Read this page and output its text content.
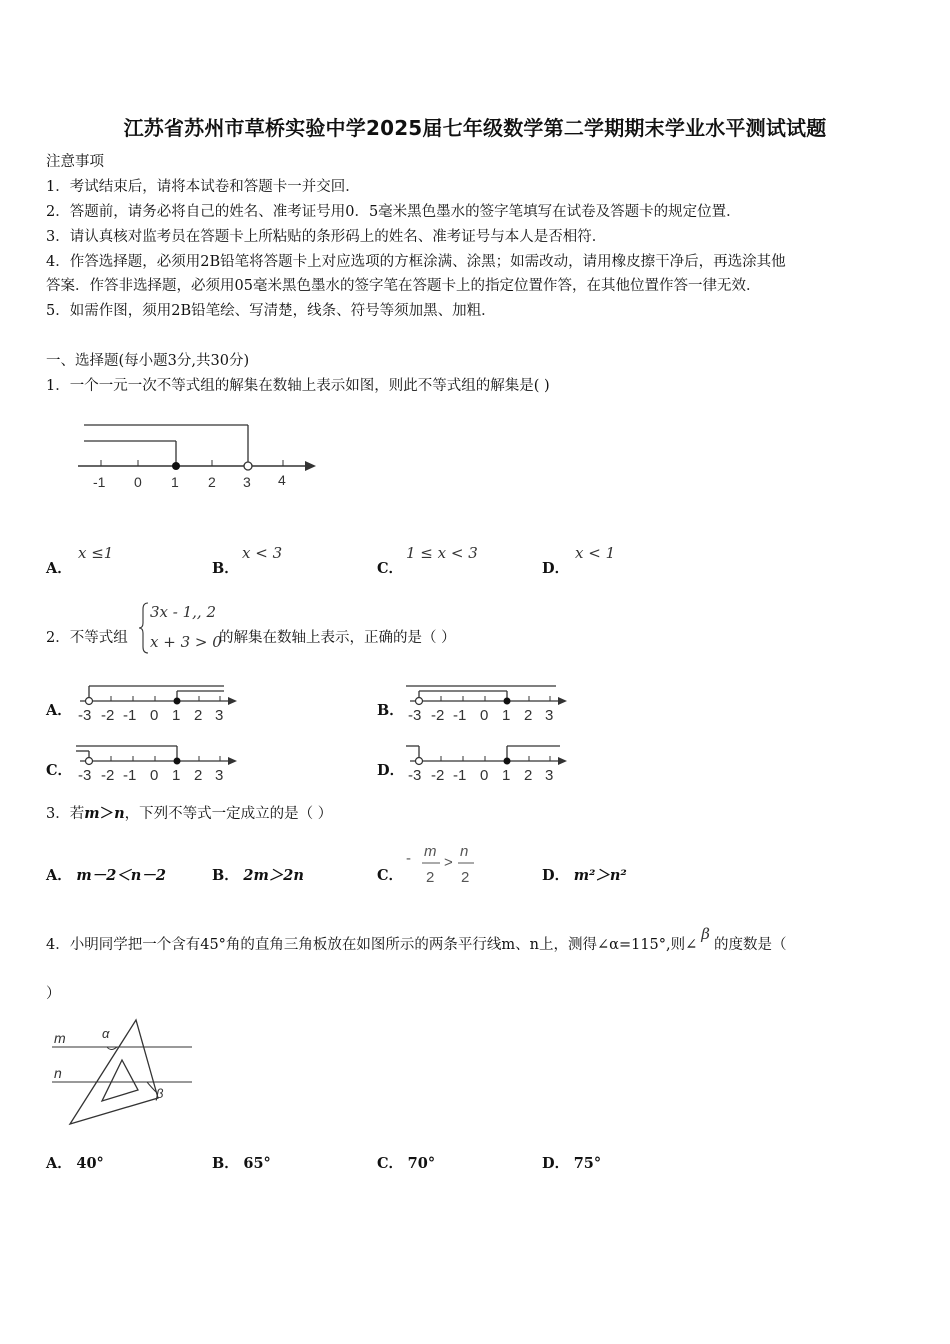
江苏省苏州市草桥实验中学2025届七年级数学第二学期期末学业水平测试试题
注意事项
1．考试结束后，请将本试卷和答题卡一并交回．
2．答题前，请务必将自己的姓名、准考证号用0．5毫米黑色墨水的签字笔填写在试卷及答题卡的规定位置．
3．请认真核对监考员在答题卡上所粘贴的条形码上的姓名、准考证号与本人是否相符．
4．作答选择题，必须用2B铅笔将答题卡上对应选项的方框涂满、涂黑；如需改动，请用橡皮擦干净后，再选涂其他
答案．作答非选择题，必须用05毫米黑色墨水的签字笔在答题卡上的指定位置作答，在其他位置作答一律无效．
5．如需作图，须用2B铅笔绘、写清楚，线条、符号等须加黑、加粗．
一、选择题(每小题3分,共30分)
1．一个一元一次不等式组的解集在数轴上表示如图，则此不等式组的解集是( )
-1 0 1 2 3 4
A．
x ≤1
B．
x < 3
C．
1 ≤ x < 3
D．
x < 1
2．不等式组
3x - 1,, 2
x + 3 > 0
的解集在数轴上表示，正确的是（ ）
A．	B．
C．	D．
-3 -2 -1 0 1 2 3	-3 -2 -1 0 1 2 3
-3 -2 -1 0 1 2 3	-3 -2 -1 0 1 2 3
3．若m＞n，下列不等式一定成立的是（ ）
A． m－2＜n－2	B． 2m＞2n	C．
- m
2
>
n
2	D． m²＞n²
4．小明同学把一个含有45°角的直角三角板放在如图所示的两条平行线m、n上，测得∠α=115°,则∠β的度数是（
）
m
n
α
β
A． 40°	B． 65°	C． 70°	D． 75°
